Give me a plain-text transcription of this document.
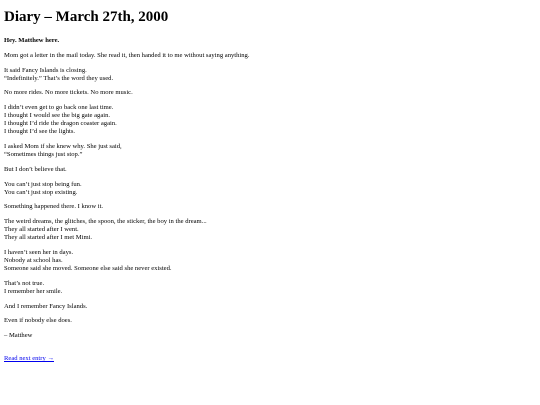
Diary – March 27th, 2000

Hey. Matthew here.

Mom got a letter in the mail today. She read it, then handed it to me without saying anything.

It said Fancy Islands is closing.
“Indefinitely.” That’s the word they used.

No more rides. No more tickets. No more music.

I didn’t even get to go back one last time.
I thought I would see the big gate again.
I thought I’d ride the dragon coaster again.
I thought I’d see the lights.

I asked Mom if she knew why. She just said,
“Sometimes things just stop.”

But I don’t believe that.

You can’t just stop being fun.
You can’t just stop existing.

Something happened there. I know it.

The weird dreams, the glitches, the spoon, the sticker, the boy in the dream...
They all started after I went.
They all started after I met Mimi.

I haven’t seen her in days.
Nobody at school has.
Someone said she moved. Someone else said she never existed.

That’s not true.
I remember her smile.

And I remember Fancy Islands.

Even if nobody else does.

– Matthew

Read next entry →
